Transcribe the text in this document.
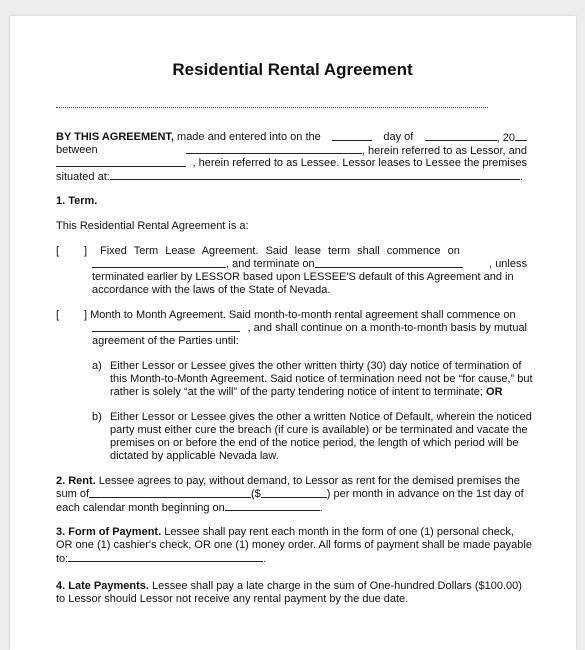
Residential Rental Agreement
BY THIS AGREEMENT, made and entered into on the	day of	, 20
between	, herein referred to as Lessor, and
, herein referred to as Lessee. Lessor leases to Lessee the premises
situated at:	.
1. Term.
This Residential Rental Agreement is a:
[ ] Fixed Term Lease Agreement. Said lease term shall commence on
, and terminate on	, unless
terminated earlier by LESSOR based upon LESSEE'S default of this Agreement and in
accordance with the laws of the State of Nevada.
[ ] Month to Month Agreement. Said month-to-month rental agreement shall commence on
, and shall continue on a month-to-month basis by mutual
agreement of the Parties until:
a) Either Lessor or Lessee gives the other written thirty (30) day notice of termination of
this Month-to-Month Agreement. Said notice of termination need not be “for cause,” but
rather is solely “at the will” of the party tendering notice of intent to terminate; OR
b) Either Lessor or Lessee gives the other a written Notice of Default, wherein the noticed
party must either cure the breach (if cure is available) or be terminated and vacate the
premises on or before the end of the notice period, the length of which period will be
dictated by applicable Nevada law.
2. Rent. Lessee agrees to pay, without demand, to Lessor as rent for the demised premises the
sum of	($	) per month in advance on the 1st day of
each calendar month beginning on	.
3. Form of Payment. Lessee shall pay rent each month in the form of one (1) personal check,
OR one (1) cashier's check, OR one (1) money order. All forms of payment shall be made payable
to:	.
4. Late Payments. Lessee shall pay a late charge in the sum of One-hundred Dollars ($100.00)
to Lessor should Lessor not receive any rental payment by the due date.
